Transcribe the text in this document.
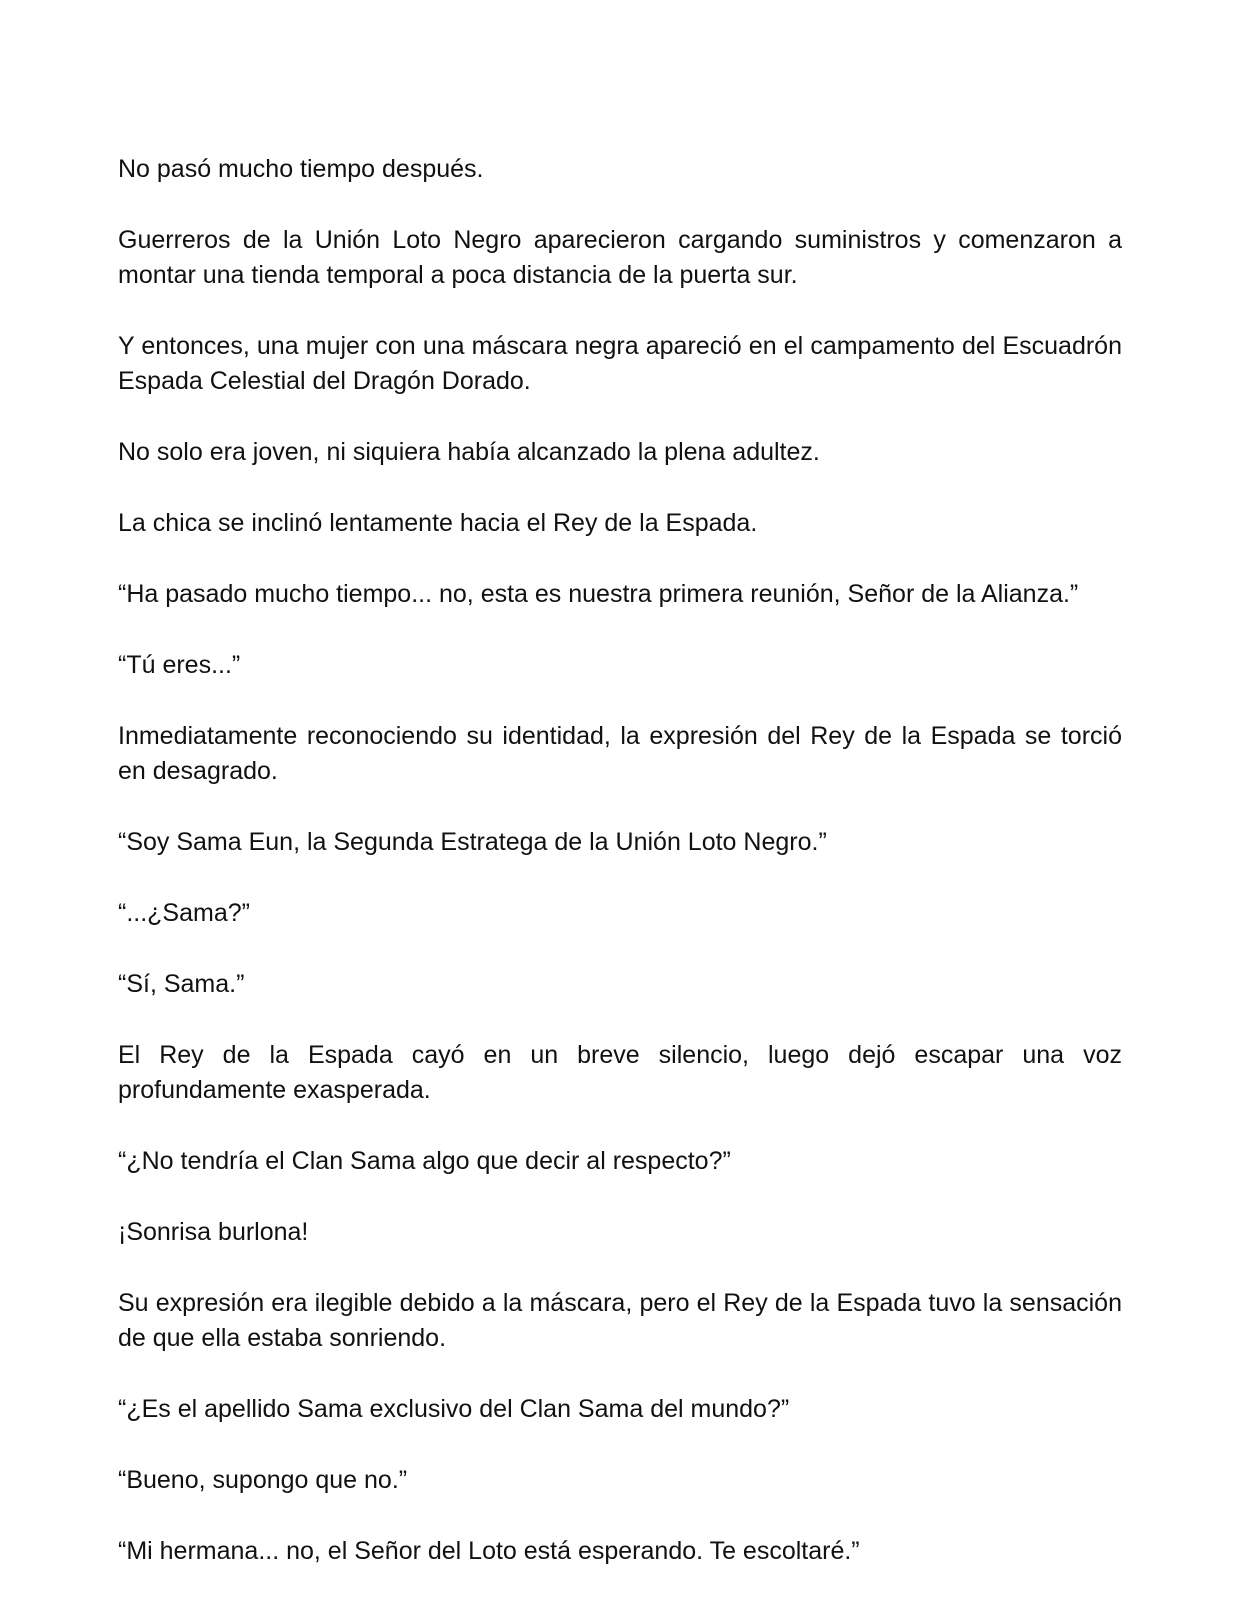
No pasó mucho tiempo después.

Guerreros de la Unión Loto Negro aparecieron cargando suministros y comenzaron a montar una tienda temporal a poca distancia de la puerta sur.

Y entonces, una mujer con una máscara negra apareció en el campamento del Escuadrón Espada Celestial del Dragón Dorado.

No solo era joven, ni siquiera había alcanzado la plena adultez.

La chica se inclinó lentamente hacia el Rey de la Espada.

“Ha pasado mucho tiempo... no, esta es nuestra primera reunión, Señor de la Alianza.”

“Tú eres...”

Inmediatamente reconociendo su identidad, la expresión del Rey de la Espada se torció en desagrado.

“Soy Sama Eun, la Segunda Estratega de la Unión Loto Negro.”

“...¿Sama?”

“Sí, Sama.”

El Rey de la Espada cayó en un breve silencio, luego dejó escapar una voz profundamente exasperada.

“¿No tendría el Clan Sama algo que decir al respecto?”

¡Sonrisa burlona!

Su expresión era ilegible debido a la máscara, pero el Rey de la Espada tuvo la sensación de que ella estaba sonriendo.

“¿Es el apellido Sama exclusivo del Clan Sama del mundo?”

“Bueno, supongo que no.”

“Mi hermana... no, el Señor del Loto está esperando. Te escoltaré.”
